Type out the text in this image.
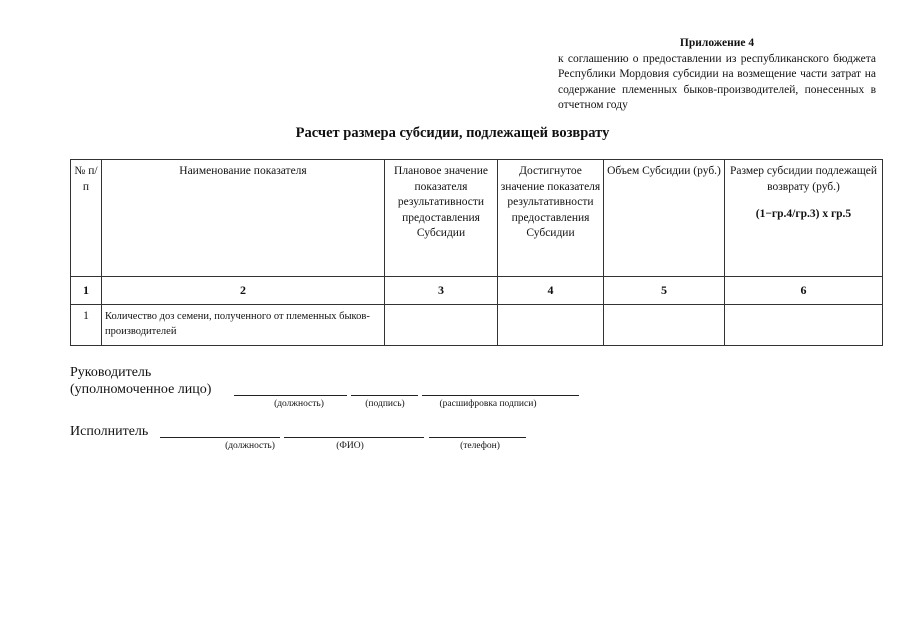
Приложение 4
к соглашению о предоставлении из республиканского бюджета Республики Мордовия субсидии на возмещение части затрат на содержание племенных быков-производителей, понесенных в отчетном году
Расчет размера субсидии, подлежащей возврату
№ п/п	Наименование показателя	Плановое значение показателя результативности предоставления Субсидии	Достигнутое значение показателя результативности предоставления Субсидии	Объем Субсидии (руб.)	Размер субсидии подлежащей возврату (руб.)
(1−гр.4/гр.3) х гр.5

1	2	3	4	5	6
1	Количество доз семени, полученного от племенных быков-производителей				
Руководитель
(уполномоченное лицо)
(должность)	(подпись)	(расшифровка подписи)
Исполнитель
(должность)	(ФИО)	(телефон)
